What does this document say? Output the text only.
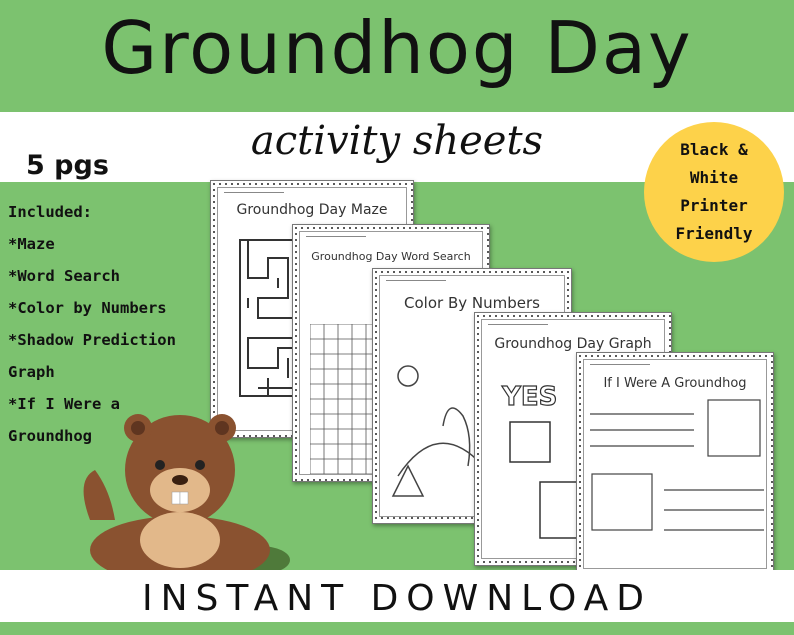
Groundhog Day
activity sheets	Black &
White
Printer
Friendly
5 pgs
Included:
*Maze
*Word Search
*Color by Numbers
*Shadow Prediction
Graph
*If I Were a
Groundhog
Groundhog Day Maze
Groundhog Day Word Search
Color By Numbers
Groundhog Day Graph
YES	If I Were A Groundhog
INSTANT DOWNLOAD
